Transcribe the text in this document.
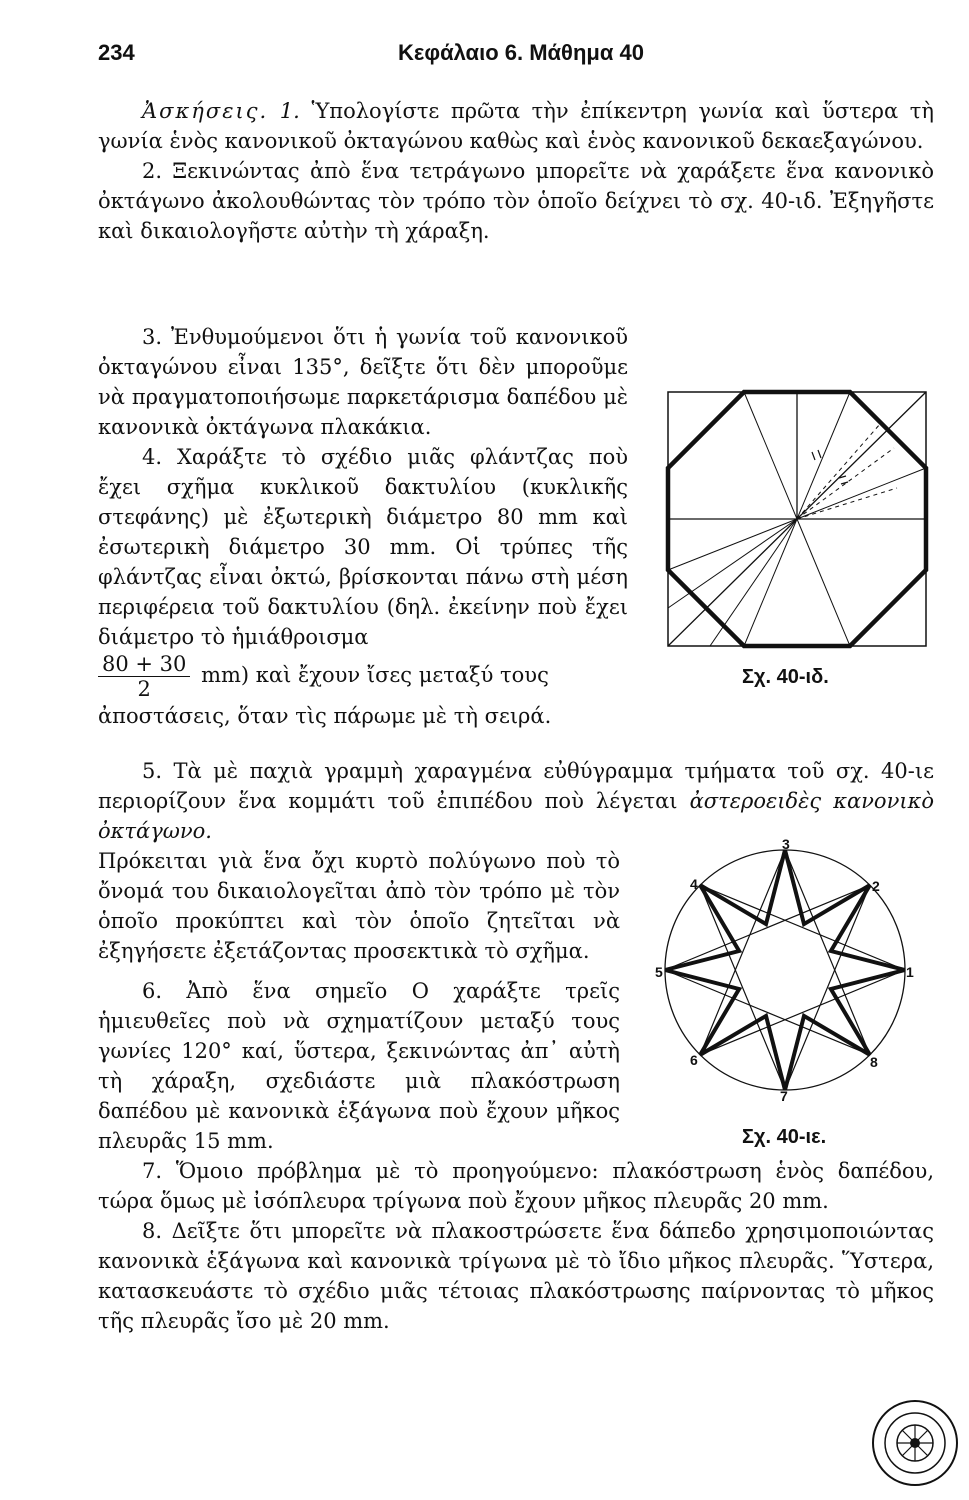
234	Κεφάλαιο 6. Μάθημα 40

Ἀσκήσεις. 1. Ὑπολογίστε πρῶτα τὴν ἐπίκεντρη γωνία καὶ ὕστερα τὴ γωνία ἑνὸς κανονικοῦ ὀκταγώνου καθὼς καὶ ἑνὸς κανονικοῦ δεκαεξαγώνου.

2. Ξεκινώντας ἀπὸ ἕνα τετράγωνο μπορεῖτε νὰ χαράξετε ἕνα κανονικὸ ὀκτάγωνο ἀκολουθώντας τὸν τρόπο τὸν ὁποῖο δείχνει τὸ σχ. 40-ιδ. Ἐξηγῆστε καὶ δικαιολογῆστε αὐτὴν τὴ χάραξη.

3. Ἐνθυμούμενοι ὅτι ἡ γωνία τοῦ κανονικοῦ ὀκταγώνου εἶναι 135°, δεῖξτε ὅτι δὲν μποροῦμε νὰ πραγματοποιήσωμε παρκετάρισμα δαπέδου μὲ κανονικὰ ὀκτάγωνα πλακάκια.

4. Χαράξτε τὸ σχέδιο μιᾶς φλάντζας ποὺ ἔχει σχῆμα κυκλικοῦ δακτυλίου (κυκλικῆς στεφάνης) μὲ ἐξωτερικὴ διάμετρο 80 mm καὶ ἐσωτερικὴ διάμετρο 30 mm. Οἱ τρύπες τῆς φλάντζας εἶναι ὀκτώ, βρίσκονται πάνω στὴ μέση περιφέρεια τοῦ δακτυλίου (δηλ. ἐκείνην ποὺ ἔχει διάμετρο τὸ ἡμιάθροισμα

$\frac{80 + 30}{2} mm$) καὶ ἔχουν ἴσες μεταξύ τους

ἀποστάσεις, ὅταν τὶς πάρωμε μὲ τὴ σειρά.

Σχ. 40-ιδ.

5. Τὰ μὲ παχιὰ γραμμὴ χαραγμένα εὐθύγραμμα τμήματα τοῦ σχ. 40-ιε περιορίζουν ἕνα κομμάτι τοῦ ἐπιπέδου ποὺ λέγεται ἀστεροειδὲς κανονικὸ ὀκτάγωνο.

Πρόκειται γιὰ ἕνα ὄχι κυρτὸ πολύγωνο ποὺ τὸ ὄνομά του δικαιολογεῖται ἀπὸ τὸν τρόπο μὲ τὸν ὁποῖο προκύπτει καὶ τὸν ὁποῖο ζητεῖται νὰ ἐξηγήσετε ἐξετάζοντας προσεκτικὰ τὸ σχῆμα.

6. Ἀπὸ ἕνα σημεῖο Ο χαράξτε τρεῖς ἡμιευθεῖες ποὺ νὰ σχηματίζουν μεταξύ τους γωνίες 120° καί, ὕστερα, ξεκινώντας ἀπ᾽ αὐτὴ τὴ χάραξη, σχεδιάστε μιὰ πλακόστρωση δαπέδου μὲ κανονικὰ ἑξάγωνα ποὺ ἔχουν μῆκος πλευρᾶς 15 mm.

3
2
4
1
5
6	8
7
Σχ. 40-ιε.

7. Ὅμοιο πρόβλημα μὲ τὸ προηγούμενο: πλακόστρωση ἑνὸς δαπέδου, τώρα ὅμως μὲ ἰσόπλευρα τρίγωνα ποὺ ἔχουν μῆκος πλευρᾶς 20 mm.

8. Δεῖξτε ὅτι μπορεῖτε νὰ πλακοστρώσετε ἕνα δάπεδο χρησιμοποιώντας κανονικὰ ἑξάγωνα καὶ κανονικὰ τρίγωνα μὲ τὸ ἴδιο μῆκος πλευρᾶς. Ὕστερα, κατασκευάστε τὸ σχέδιο μιᾶς τέτοιας πλακόστρωσης παίρνοντας τὸ μῆκος τῆς πλευρᾶς ἴσο μὲ 20 mm.
